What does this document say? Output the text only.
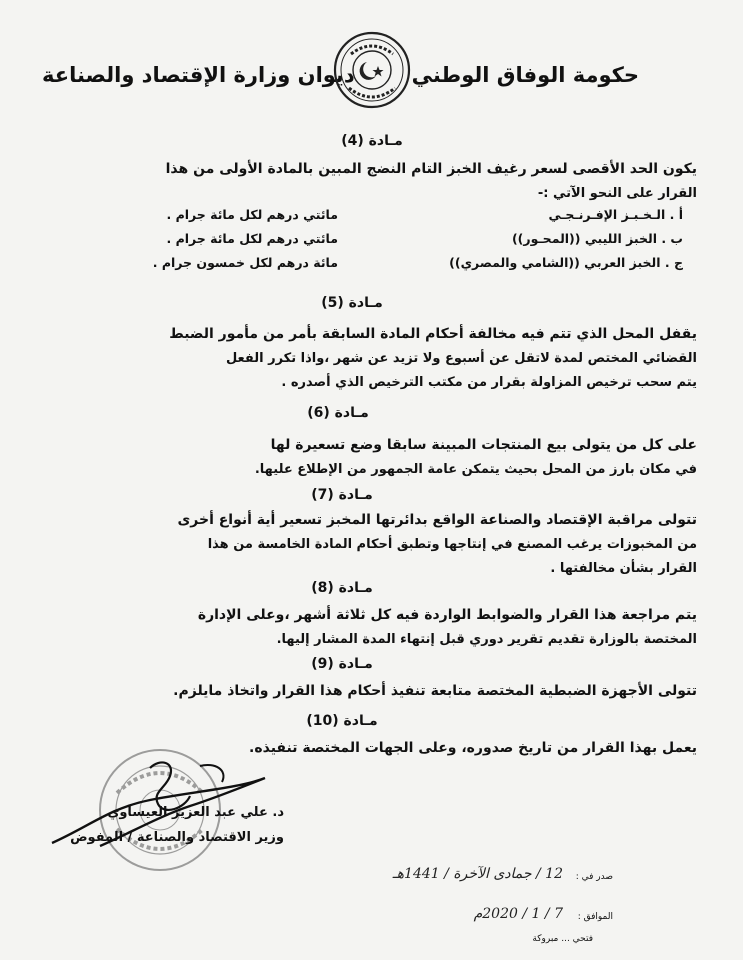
حكومة الوفاق الوطني
ديوان وزارة الإقتصاد والصناعة
مـادة (4)
يكون الحد الأقصى لسعر رغيف الخبز التام النضج المبين بالمادة الأولى من هذا
القرار على النحو الآتي :-
أ . الـخـبـز الإفـرنـجـي
مائتي درهم لكل مائة جرام .
ب . الخبز الليبي ((المحـور))
مائتي درهم لكل مائة جرام .
ج . الخبز العربي ((الشامي والمصري))
مائة درهم لكل خمسون جرام .
مـادة (5)
يقفل المحل الذي تتم فيه مخالفة أحكام المادة السابقة بأمر من مأمور الضبط
القضائي المختص لمدة لاتقل عن أسبوع ولا تزيد عن شهر ،واذا تكرر الفعل
يتم سحب ترخيص المزاولة بقرار من مكتب الترخيص الذي أصدره .
مـادة (6)
على كل من يتولى بيع المنتجات المبينة سابقا وضع تسعيرة لها
في مكان بارز من المحل بحيث يتمكن عامة الجمهور من الإطلاع عليها.
مـادة (7)
تتولى مراقبة الإقتصاد والصناعة الواقع بدائرتها المخبز تسعير أية أنواع أخرى
من المخبوزات يرغب المصنع في إنتاجها وتطبق أحكام المادة الخامسة من هذا
القرار بشأن مخالفتها .
مـادة (8)
يتم مراجعة هذا القرار والضوابط الواردة فيه كل ثلاثة أشهر ،وعلى الإدارة
المختصة بالوزارة تقديم تقرير دوري قبل إنتهاء المدة المشار إليها.
مـادة (9)
تتولى الأجهزة الضبطية المختصة متابعة تنفيذ أحكام هذا القرار واتخاذ مايلزم.
مـادة (10)
يعمل بهذا القرار من تاريخ صدوره، وعلى الجهات المختصة تنفيذه.
د. علي عبد العزيز العيساوي
وزير الاقتصاد والصناعة / المفوض
صدر في :
12 / جمادى الآخرة / 1441هـ
الموافق :
7 / 1 / 2020م
فتحي ... مبروكة
